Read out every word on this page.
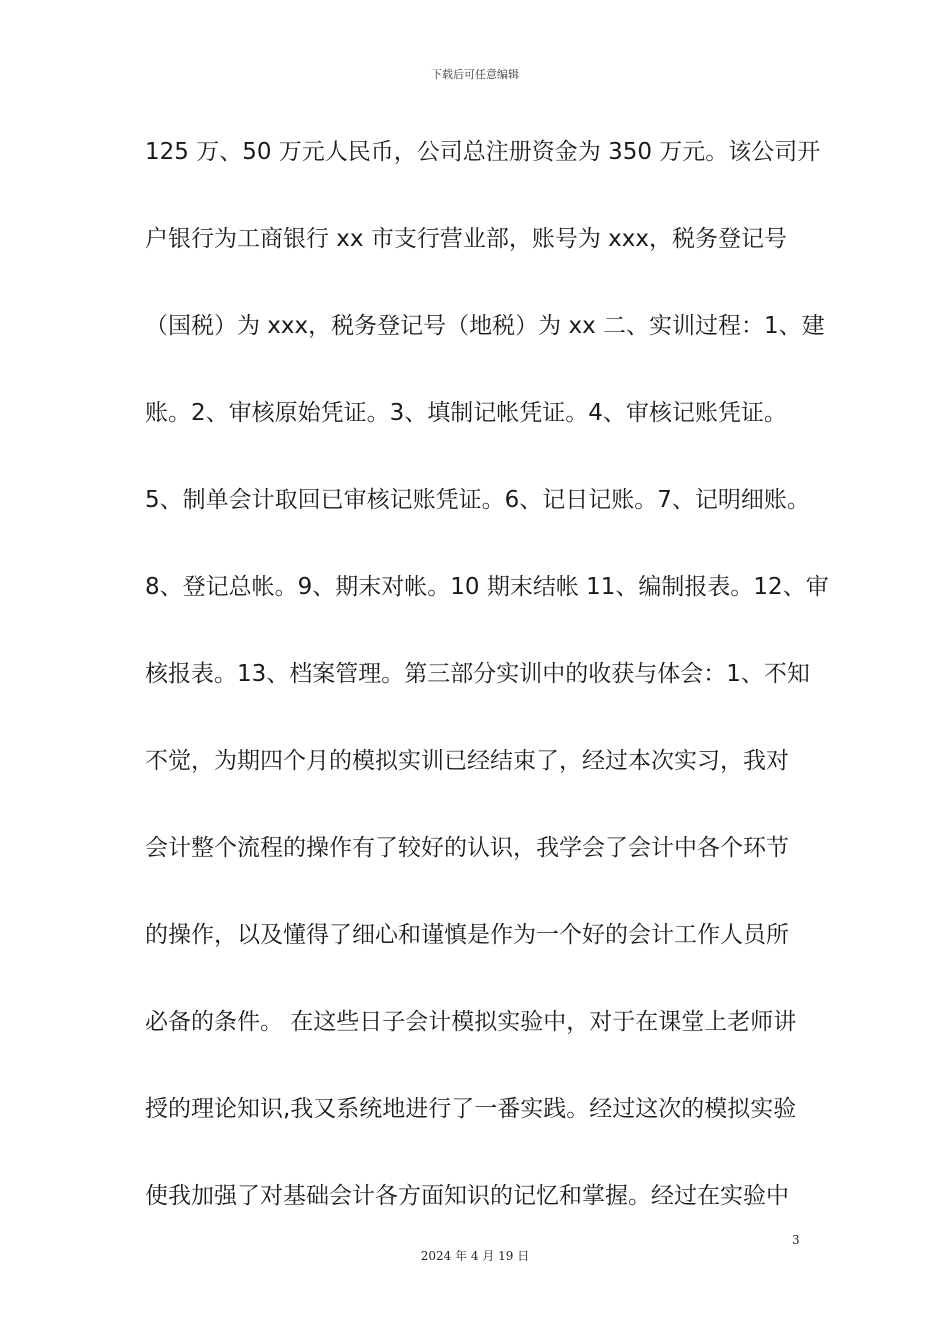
下载后可任意编辑
125 万、50 万元人民币，公司总注册资金为 350 万元。该公司开
户银行为工商银行 xx 市支行营业部，账号为 xxx，税务登记号
（国税）为 xxx，税务登记号（地税）为 xx 二、实训过程：1、建
账。2、审核原始凭证。3、填制记帐凭证。4、审核记账凭证。
5、制单会计取回已审核记账凭证。6、记日记账。7、记明细账。
8、登记总帐。9、期末对帐。10 期末结帐 11、编制报表。12、审
核报表。13、档案管理。第三部分实训中的收获与体会：1、不知
不觉，为期四个月的模拟实训已经结束了，经过本次实习，我对
会计整个流程的操作有了较好的认识，我学会了会计中各个环节
的操作，以及懂得了细心和谨慎是作为一个好的会计工作人员所
必备的条件。 在这些日子会计模拟实验中，对于在课堂上老师讲
授的理论知识,我又系统地进行了一番实践。经过这次的模拟实验
使我加强了对基础会计各方面知识的记忆和掌握。经过在实验中
3
2024 年 4 月 19 日
